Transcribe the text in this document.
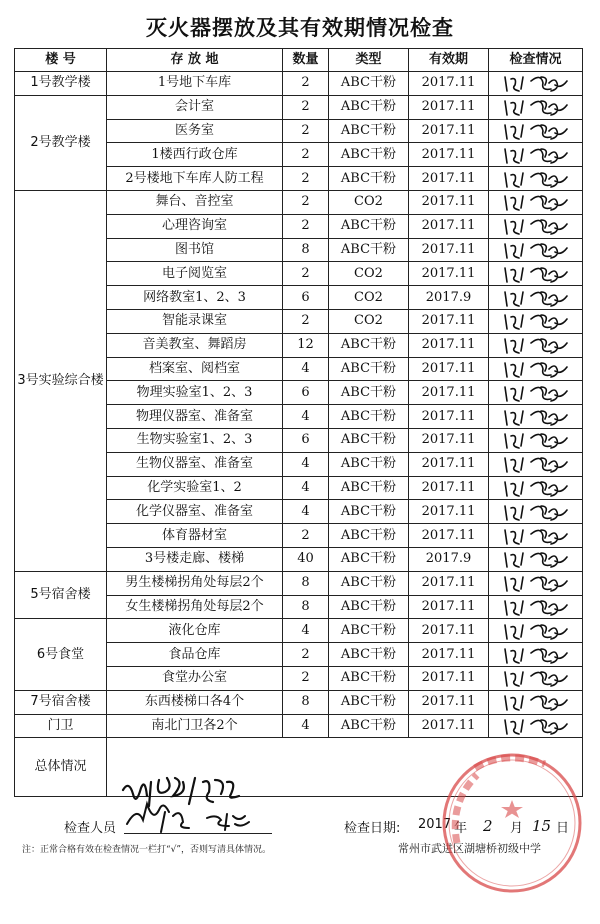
灭火器摆放及其有效期情况检查
楼 号	存 放 地	数量	类型	有效期	检查情况
1号教学楼	1号地下车库	2	ABC干粉	2017.11	

2号教学楼	会计室	2	ABC干粉	2017.11	

	医务室	2	ABC干粉	2017.11	

	1楼西行政仓库	2	ABC干粉	2017.11	

	2号楼地下车库人防工程	2	ABC干粉	2017.11	

3号实验综合楼	舞台、音控室	2	CO2	2017.11	

	心理咨询室	2	ABC干粉	2017.11	

	图书馆	8	ABC干粉	2017.11	

	电子阅览室	2	CO2	2017.11	

	网络教室1、2、3	6	CO2	2017.9	

	智能录课室	2	CO2	2017.11	

	音美教室、舞蹈房	12	ABC干粉	2017.11	

	档案室、阅档室	4	ABC干粉	2017.11	

	物理实验室1、2、3	6	ABC干粉	2017.11	

	物理仪器室、准备室	4	ABC干粉	2017.11	

	生物实验室1、2、3	6	ABC干粉	2017.11	

	生物仪器室、准备室	4	ABC干粉	2017.11	

	化学实验室1、2	4	ABC干粉	2017.11	

	化学仪器室、准备室	4	ABC干粉	2017.11	

	体育器材室	2	ABC干粉	2017.11	

	3号楼走廊、楼梯	40	ABC干粉	2017.9	

5号宿舍楼	男生楼梯拐角处每层2个	8	ABC干粉	2017.11	

	女生楼梯拐角处每层2个	8	ABC干粉	2017.11	

6号食堂	液化仓库	4	ABC干粉	2017.11	

	食品仓库	2	ABC干粉	2017.11	

	食堂办公室	2	ABC干粉	2017.11	

7号宿舍楼	东西楼梯口各4个	8	ABC干粉	2017.11	

门卫	南北门卫各2个	4	ABC干粉	2017.11	

总体情况					
检查人员	检查日期: 2017 年 2 月 15 日
注：正常合格有效在检查情况一栏打“√”，否则写清具体情况。	常州市武进区湖塘桥初级中学
